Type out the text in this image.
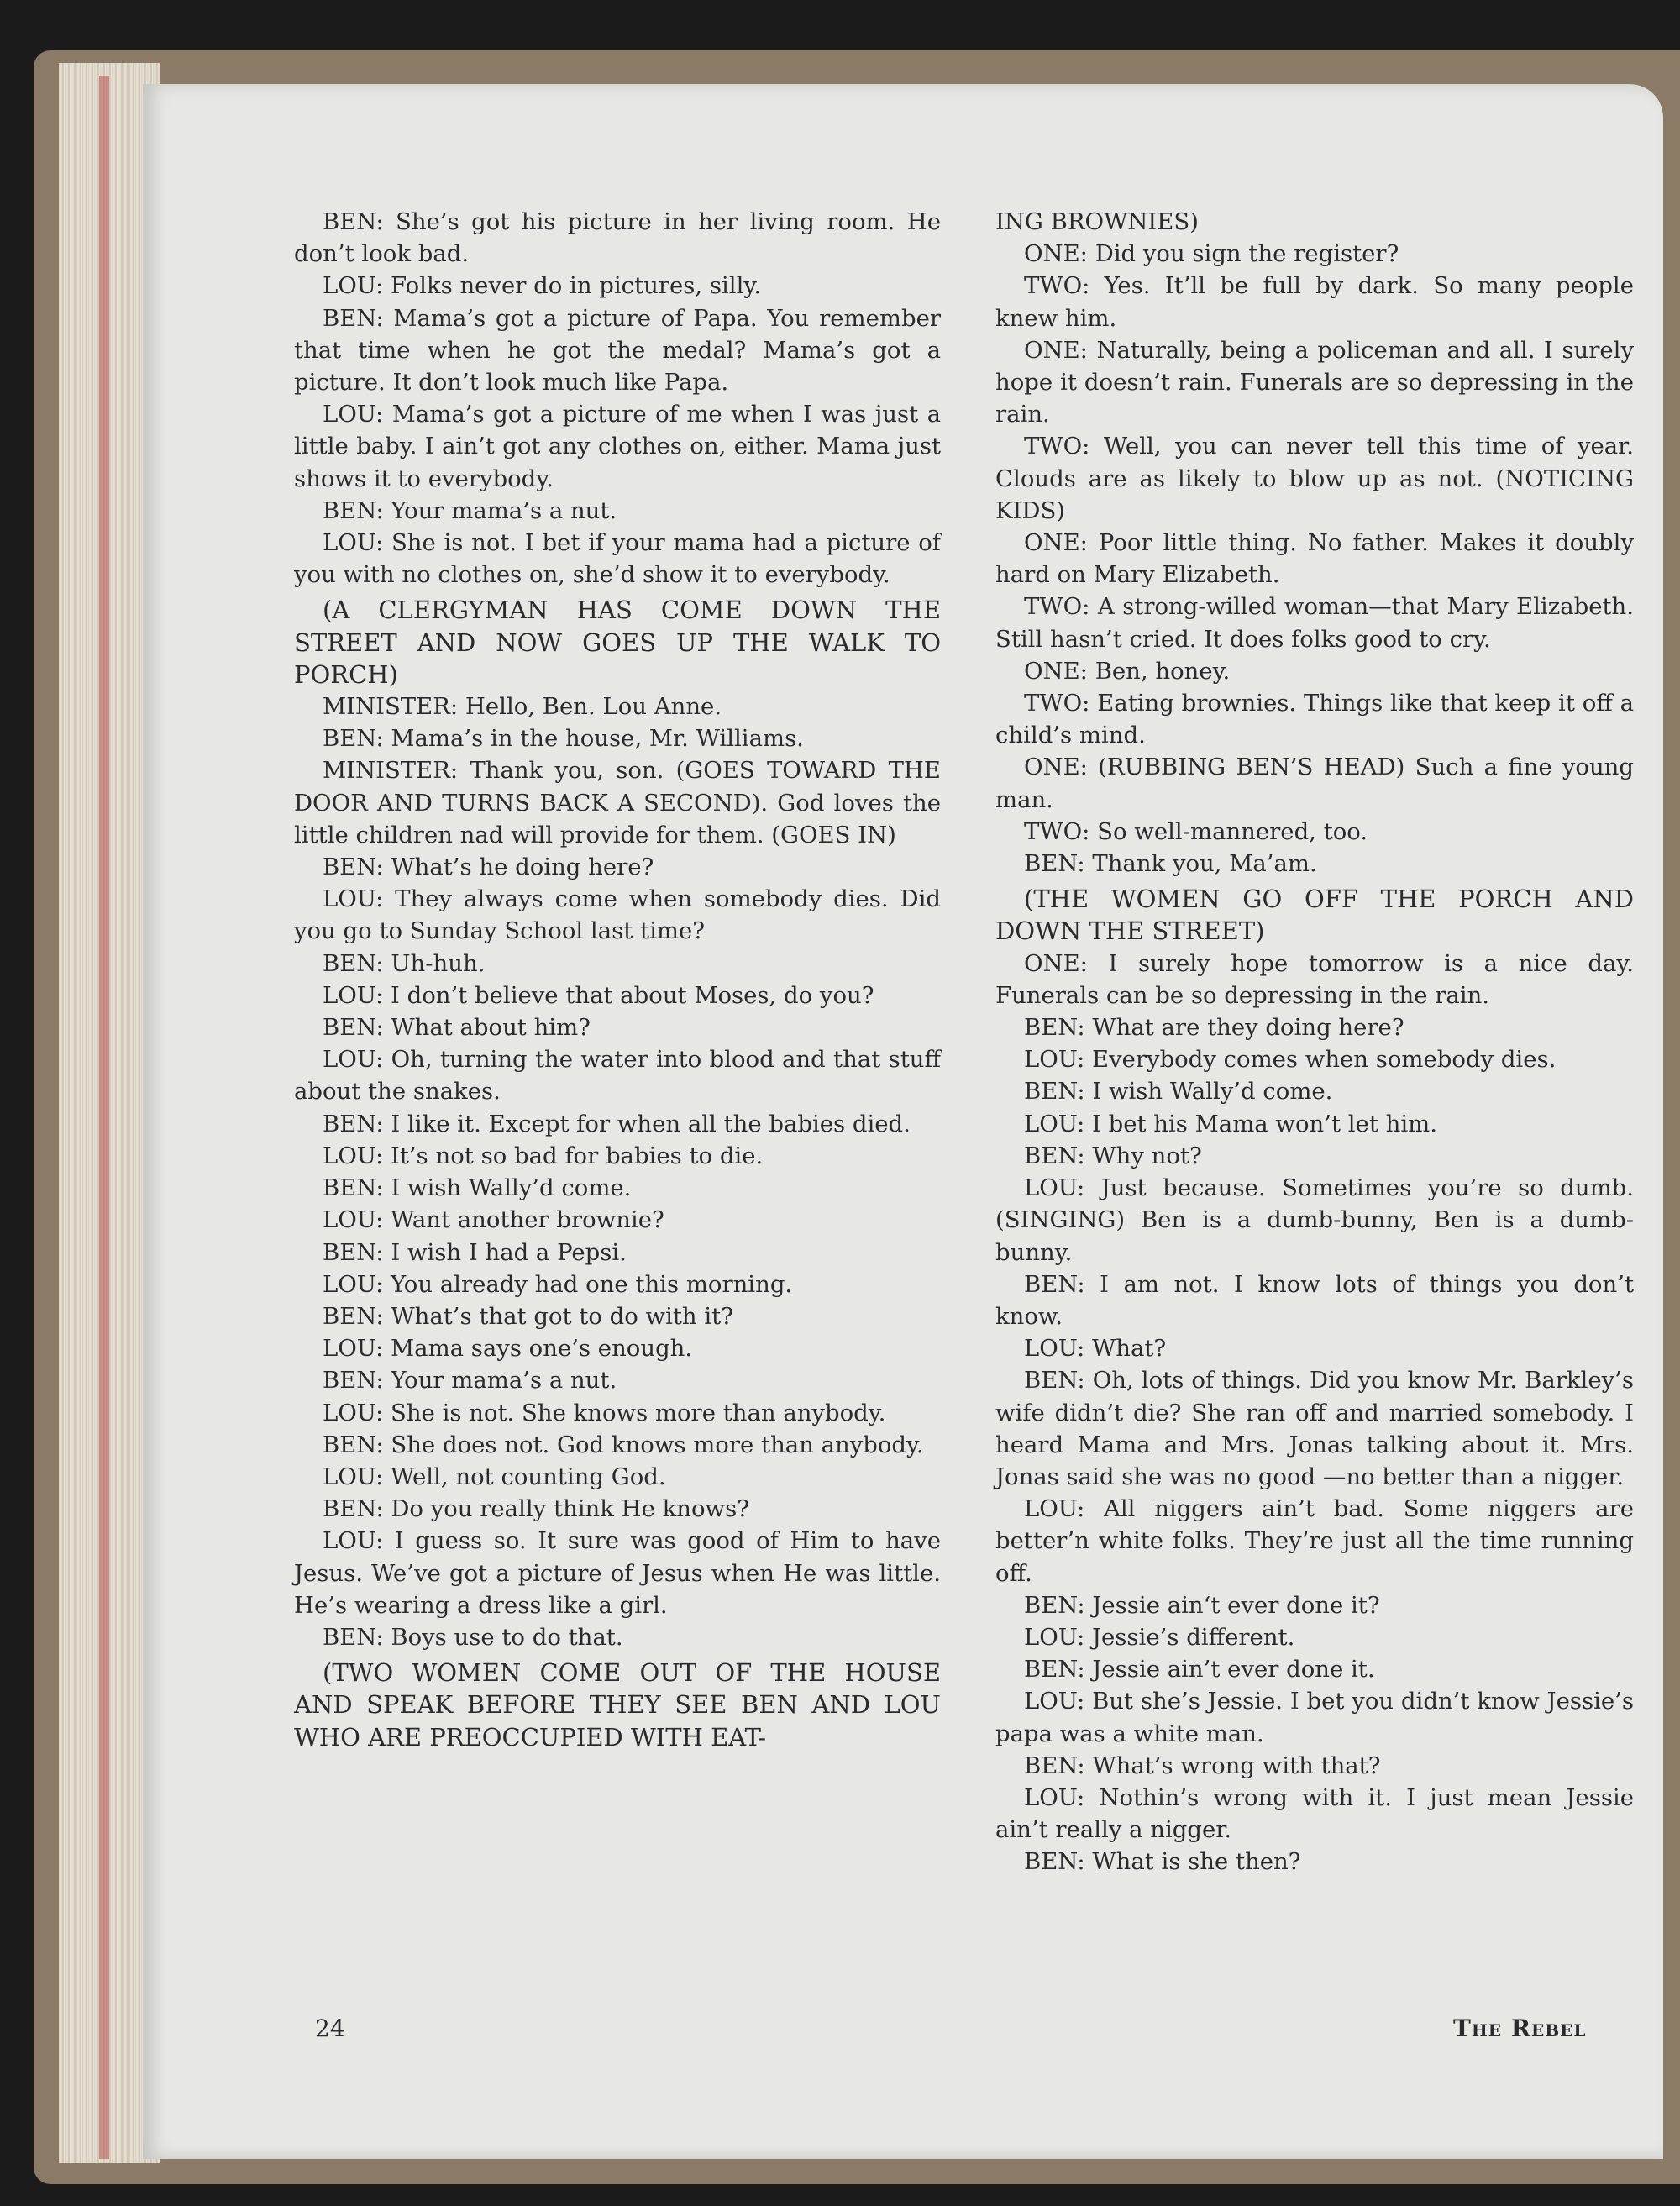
BEN: She’s got his picture in her living room. He don’t look bad.

LOU: Folks never do in pictures, silly.

BEN: Mama’s got a picture of Papa. You remember that time when he got the medal? Mama’s got a picture. It don’t look much like Papa.

LOU: Mama’s got a picture of me when I was just a little baby. I ain’t got any clothes on, either. Mama just shows it to everybody.

BEN: Your mama’s a nut.

LOU: She is not. I bet if your mama had a picture of you with no clothes on, she’d show it to everybody.

(A CLERGYMAN HAS COME DOWN THE STREET AND NOW GOES UP THE WALK TO PORCH)

MINISTER: Hello, Ben. Lou Anne.

BEN: Mama’s in the house, Mr. Williams.

MINISTER: Thank you, son. (GOES TOWARD THE DOOR AND TURNS BACK A SECOND). God loves the little children nad will provide for them. (GOES IN)

BEN: What’s he doing here?

LOU: They always come when somebody dies. Did you go to Sunday School last time?

BEN: Uh-huh.

LOU: I don’t believe that about Moses, do you?

BEN: What about him?

LOU: Oh, turning the water into blood and that stuff about the snakes.

BEN: I like it. Except for when all the babies died.

LOU: It’s not so bad for babies to die.

BEN: I wish Wally’d come.

LOU: Want another brownie?

BEN: I wish I had a Pepsi.

LOU: You already had one this morning.

BEN: What’s that got to do with it?

LOU: Mama says one’s enough.

BEN: Your mama’s a nut.

LOU: She is not. She knows more than anybody.

BEN: She does not. God knows more than anybody.

LOU: Well, not counting God.

BEN: Do you really think He knows?

LOU: I guess so. It sure was good of Him to have Jesus. We’ve got a picture of Jesus when He was little. He’s wearing a dress like a girl.

BEN: Boys use to do that.

(TWO WOMEN COME OUT OF THE HOUSE AND SPEAK BEFORE THEY SEE BEN AND LOU WHO ARE PREOCCUPIED WITH EAT-

ING BROWNIES)

ONE: Did you sign the register?

TWO: Yes. It’ll be full by dark. So many people knew him.

ONE: Naturally, being a policeman and all. I surely hope it doesn’t rain. Funerals are so depressing in the rain.

TWO: Well, you can never tell this time of year. Clouds are as likely to blow up as not. (NOTICING KIDS)

ONE: Poor little thing. No father. Makes it doubly hard on Mary Elizabeth.

TWO: A strong-willed woman—that Mary Elizabeth. Still hasn’t cried. It does folks good to cry.

ONE: Ben, honey.

TWO: Eating brownies. Things like that keep it off a child’s mind.

ONE: (RUBBING BEN’S HEAD) Such a fine young man.

TWO: So well-mannered, too.

BEN: Thank you, Ma’am.

(THE WOMEN GO OFF THE PORCH AND DOWN THE STREET)

ONE: I surely hope tomorrow is a nice day. Funerals can be so depressing in the rain.

BEN: What are they doing here?

LOU: Everybody comes when somebody dies.

BEN: I wish Wally’d come.

LOU: I bet his Mama won’t let him.

BEN: Why not?

LOU: Just because. Sometimes you’re so dumb. (SINGING) Ben is a dumb-bunny, Ben is a dumb-bunny.

BEN: I am not. I know lots of things you don’t know.

LOU: What?

BEN: Oh, lots of things. Did you know Mr. Barkley’s wife didn’t die? She ran off and married somebody. I heard Mama and Mrs. Jonas talking about it. Mrs. Jonas said she was no good —no better than a nigger.

LOU: All niggers ain’t bad. Some niggers are better’n white folks. They’re just all the time running off.

BEN: Jessie ain‘t ever done it?

LOU: Jessie’s different.

BEN: Jessie ain’t ever done it.

LOU: But she’s Jessie. I bet you didn’t know Jessie’s papa was a white man.

BEN: What’s wrong with that?

LOU: Nothin’s wrong with it. I just mean Jessie ain’t really a nigger.

BEN: What is she then?

24	The Rebel
